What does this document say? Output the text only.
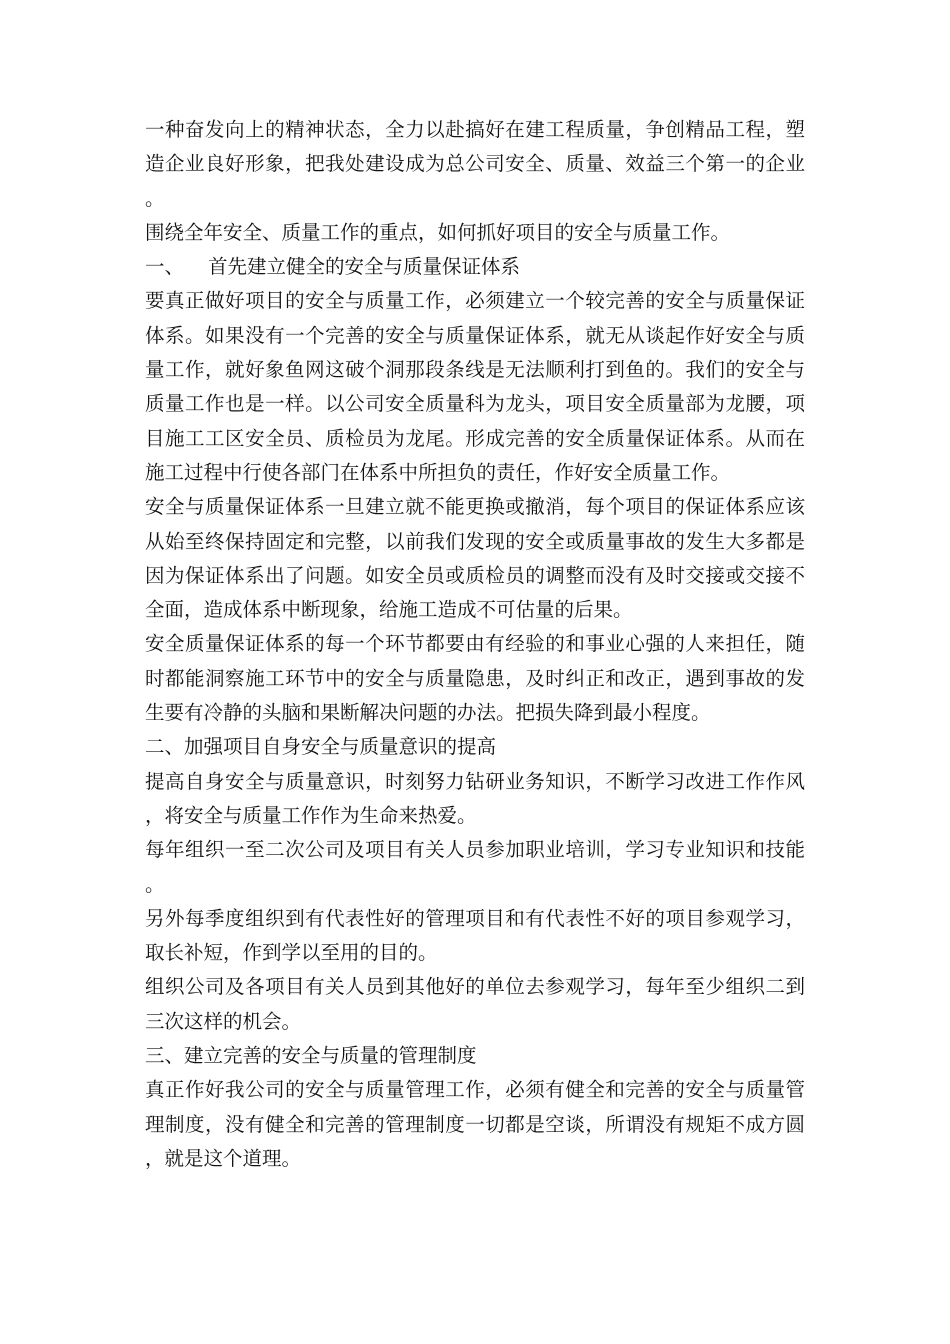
一种奋发向上的精神状态，全力以赴搞好在建工程质量，争创精品工程，塑造企业良好形象，把我处建设成为总公司安全、质量、效益三个第一的企业。

围绕全年安全、质量工作的重点，如何抓好项目的安全与质量工作。

一、 首先建立健全的安全与质量保证体系

要真正做好项目的安全与质量工作，必须建立一个较完善的安全与质量保证体系。如果没有一个完善的安全与质量保证体系，就无从谈起作好安全与质量工作，就好象鱼网这破个洞那段条线是无法顺利打到鱼的。我们的安全与质量工作也是一样。以公司安全质量科为龙头，项目安全质量部为龙腰，项目施工工区安全员、质检员为龙尾。形成完善的安全质量保证体系。从而在施工过程中行使各部门在体系中所担负的责任，作好安全质量工作。

安全与质量保证体系一旦建立就不能更换或撤消，每个项目的保证体系应该从始至终保持固定和完整，以前我们发现的安全或质量事故的发生大多都是因为保证体系出了问题。如安全员或质检员的调整而没有及时交接或交接不全面，造成体系中断现象，给施工造成不可估量的后果。

安全质量保证体系的每一个环节都要由有经验的和事业心强的人来担任，随时都能洞察施工环节中的安全与质量隐患，及时纠正和改正，遇到事故的发生要有冷静的头脑和果断解决问题的办法。把损失降到最小程度。

二、加强项目自身安全与质量意识的提高

提高自身安全与质量意识，时刻努力钻研业务知识，不断学习改进工作作风，将安全与质量工作作为生命来热爱。

每年组织一至二次公司及项目有关人员参加职业培训，学习专业知识和技能。

另外每季度组织到有代表性好的管理项目和有代表性不好的项目参观学习，取长补短，作到学以至用的目的。

组织公司及各项目有关人员到其他好的单位去参观学习，每年至少组织二到三次这样的机会。

三、建立完善的安全与质量的管理制度

真正作好我公司的安全与质量管理工作，必须有健全和完善的安全与质量管理制度，没有健全和完善的管理制度一切都是空谈，所谓没有规矩不成方圆，就是这个道理。
